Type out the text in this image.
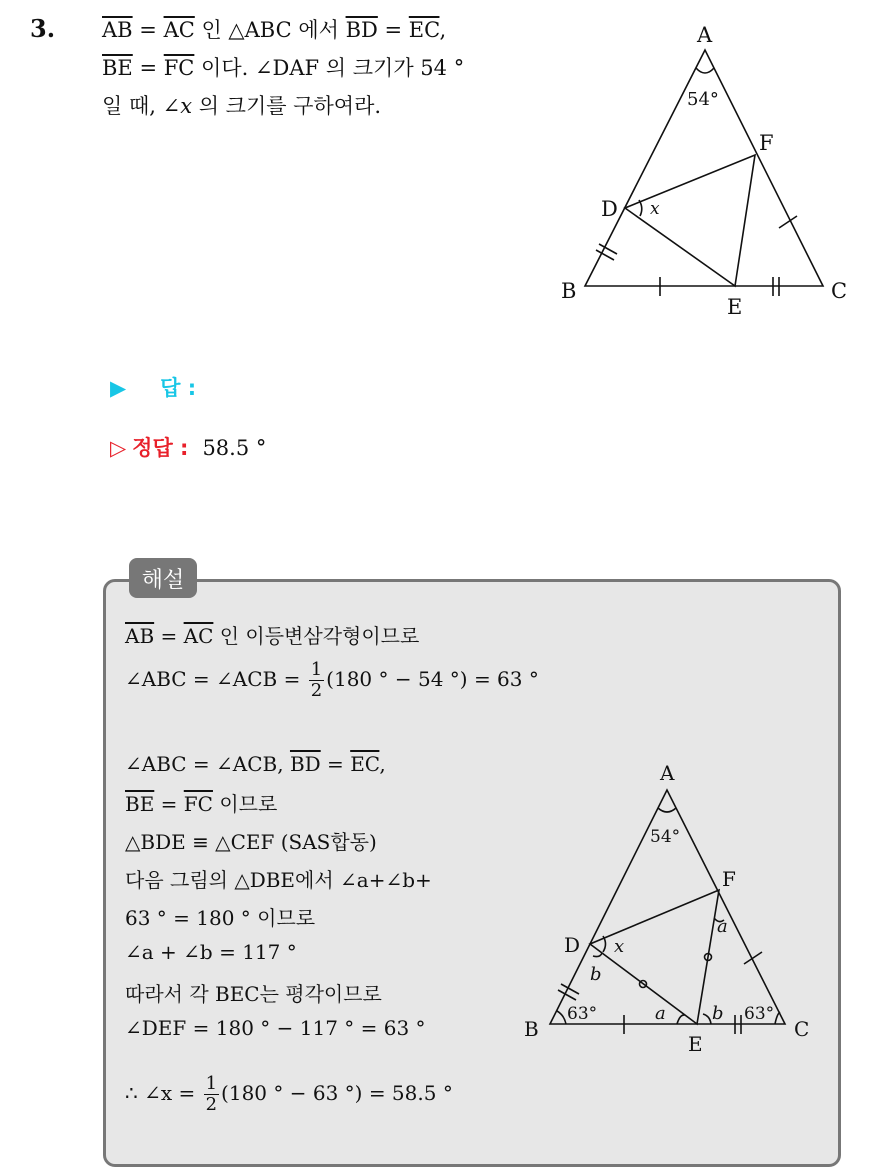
3. $\overline{AB} = \overline{AC}$ 인 △ABC 에서 $\overline{BD} = \overline{EC}$,
$\overline{BE} = \overline{FC}$ 이다. ∠DAF 의 크기가 54 °
일 때, ∠x 의 크기를 구하여라.
A
B	C
D
E
F
54°
x
▶ 답 :
▷ 정답 : 58.5 °
해설
$\overline{AB} = \overline{AC}$ 인 이등변삼각형이므로
∠ABC = ∠ACB = $\frac{1}{2} (180$ ° − 54 °) = 63 °
∠ABC = ∠ACB, $\overline{BD} = \overline{EC}$,
$\overline{BE} = \overline{FC}$ 이므로
△BDE ≡ △CEF (SAS합동)
다음 그림의 △DBE에서 ∠a+∠b+
63 ° = 180 ° 이므로
∠a + ∠b = 117 °
따라서 각 BEC는 평각이므로
∠DEF = 180 ° − 117 ° = 63 °
∴ ∠x = $\frac{1}{2} (180$ ° − 63 °) = 58.5 °
A
B	C
D
E
F
54°
63°	63°
x
a
b
a	b
